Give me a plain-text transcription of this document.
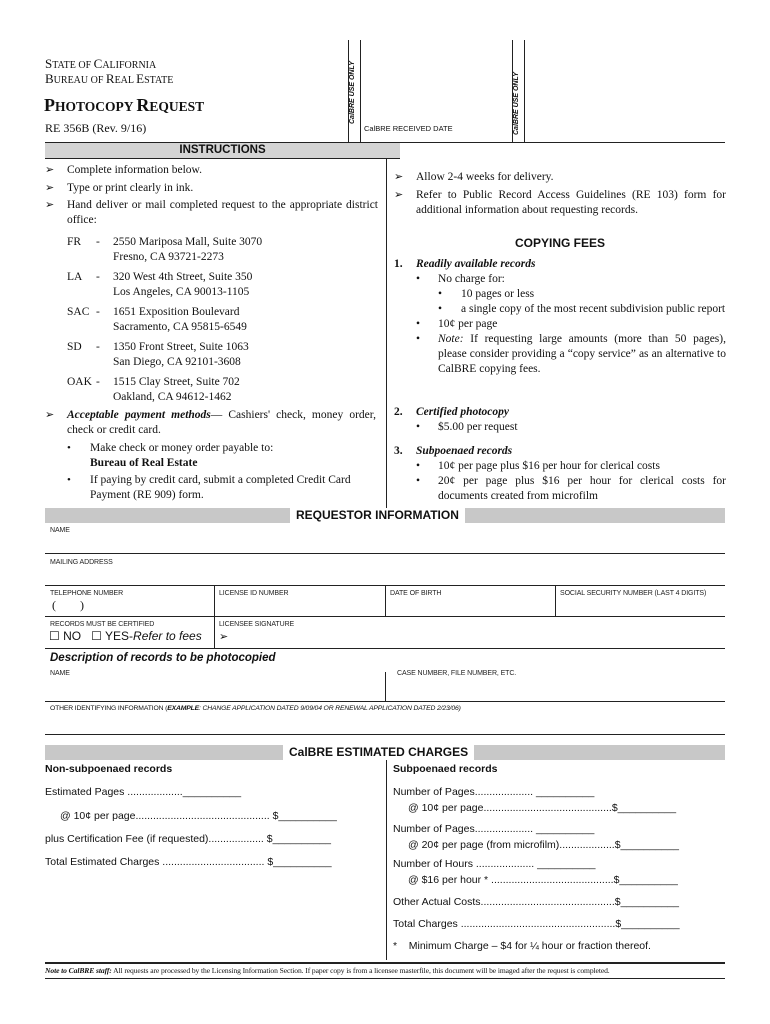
STATE OF CALIFORNIA
BUREAU OF REAL ESTATE
PHOTOCOPY REQUEST
RE 356B (Rev. 9/16)
CalBRE USE ONLY	CalBRE USE ONLY
CalBRE RECEIVED DATE
INSTRUCTIONS
➢ Complete information below.
➢ Type or print clearly in ink.
➢ Hand deliver or mail completed request to the appropriate district office:
FR - 2550 Mariposa Mall, Suite 3070
Fresno, CA 93721-2273
LA - 320 West 4th Street, Suite 350
Los Angeles, CA 90013-1105
SAC - 1651 Exposition Boulevard
Sacramento, CA 95815-6549
SD - 1350 Front Street, Suite 1063
San Diego, CA 92101-3608
OAK - 1515 Clay Street, Suite 702
Oakland, CA 94612-1462
➢ Acceptable payment methods— Cashiers' check, money order, check or credit card.
• Make check or money order payable to:
Bureau of Real Estate
• If paying by credit card, submit a completed Credit Card Payment (RE 909) form.
➢ Allow 2-4 weeks for delivery.
➢ Refer to Public Record Access Guidelines (RE 103) form for additional information about requesting records.
COPYING FEES
1. Readily available records
• No charge for:
• 10 pages or less
• a single copy of the most recent subdivision public report
• 10¢ per page
• Note: If requesting large amounts (more than 50 pages), please consider providing a “copy service” as an alternative to CalBRE copying fees.
2. Certified photocopy
• $5.00 per request
3. Subpoenaed records
• 10¢ per page plus $16 per hour for clerical costs
• 20¢ per page plus $16 per hour for clerical costs for documents created from microfilm
REQUESTOR INFORMATION
NAME
MAILING ADDRESS
TELEPHONE NUMBER
(        )
LICENSE ID NUMBER	DATE OF BIRTH	SOCIAL SECURITY NUMBER (LAST 4 DIGITS)
RECORDS MUST BE CERTIFIED
☐ NO ☐ YES-Refer to fees
LICENSEE SIGNATURE
➢
Description of records to be photocopied
NAME	CASE NUMBER, FILE NUMBER, ETC.
OTHER IDENTIFYING INFORMATION (EXAMPLE: CHANGE APPLICATION DATED 9/09/04 OR RENEWAL APPLICATION DATED 2/23/06)
CalBRE ESTIMATED CHARGES
Non-subpoenaed records
Estimated Pages ...................__________
@ 10¢ per page.............................................. $__________
plus Certification Fee (if requested)................... $__________
Total Estimated Charges ................................... $__________
Subpoenaed records
Number of Pages.................... __________
@ 10¢ per page............................................$__________
Number of Pages.................... __________
@ 20¢ per page (from microfilm)...................$__________
Number of Hours .................... __________
@ $16 per hour * ..........................................$__________
Other Actual Costs..............................................$__________
Total Charges .....................................................$__________
*    Minimum Charge – $4 for ¼ hour or fraction thereof.
Note to CalBRE staff: All requests are processed by the Licensing Information Section. If paper copy is from a licensee masterfile, this document will be imaged after the request is completed.
